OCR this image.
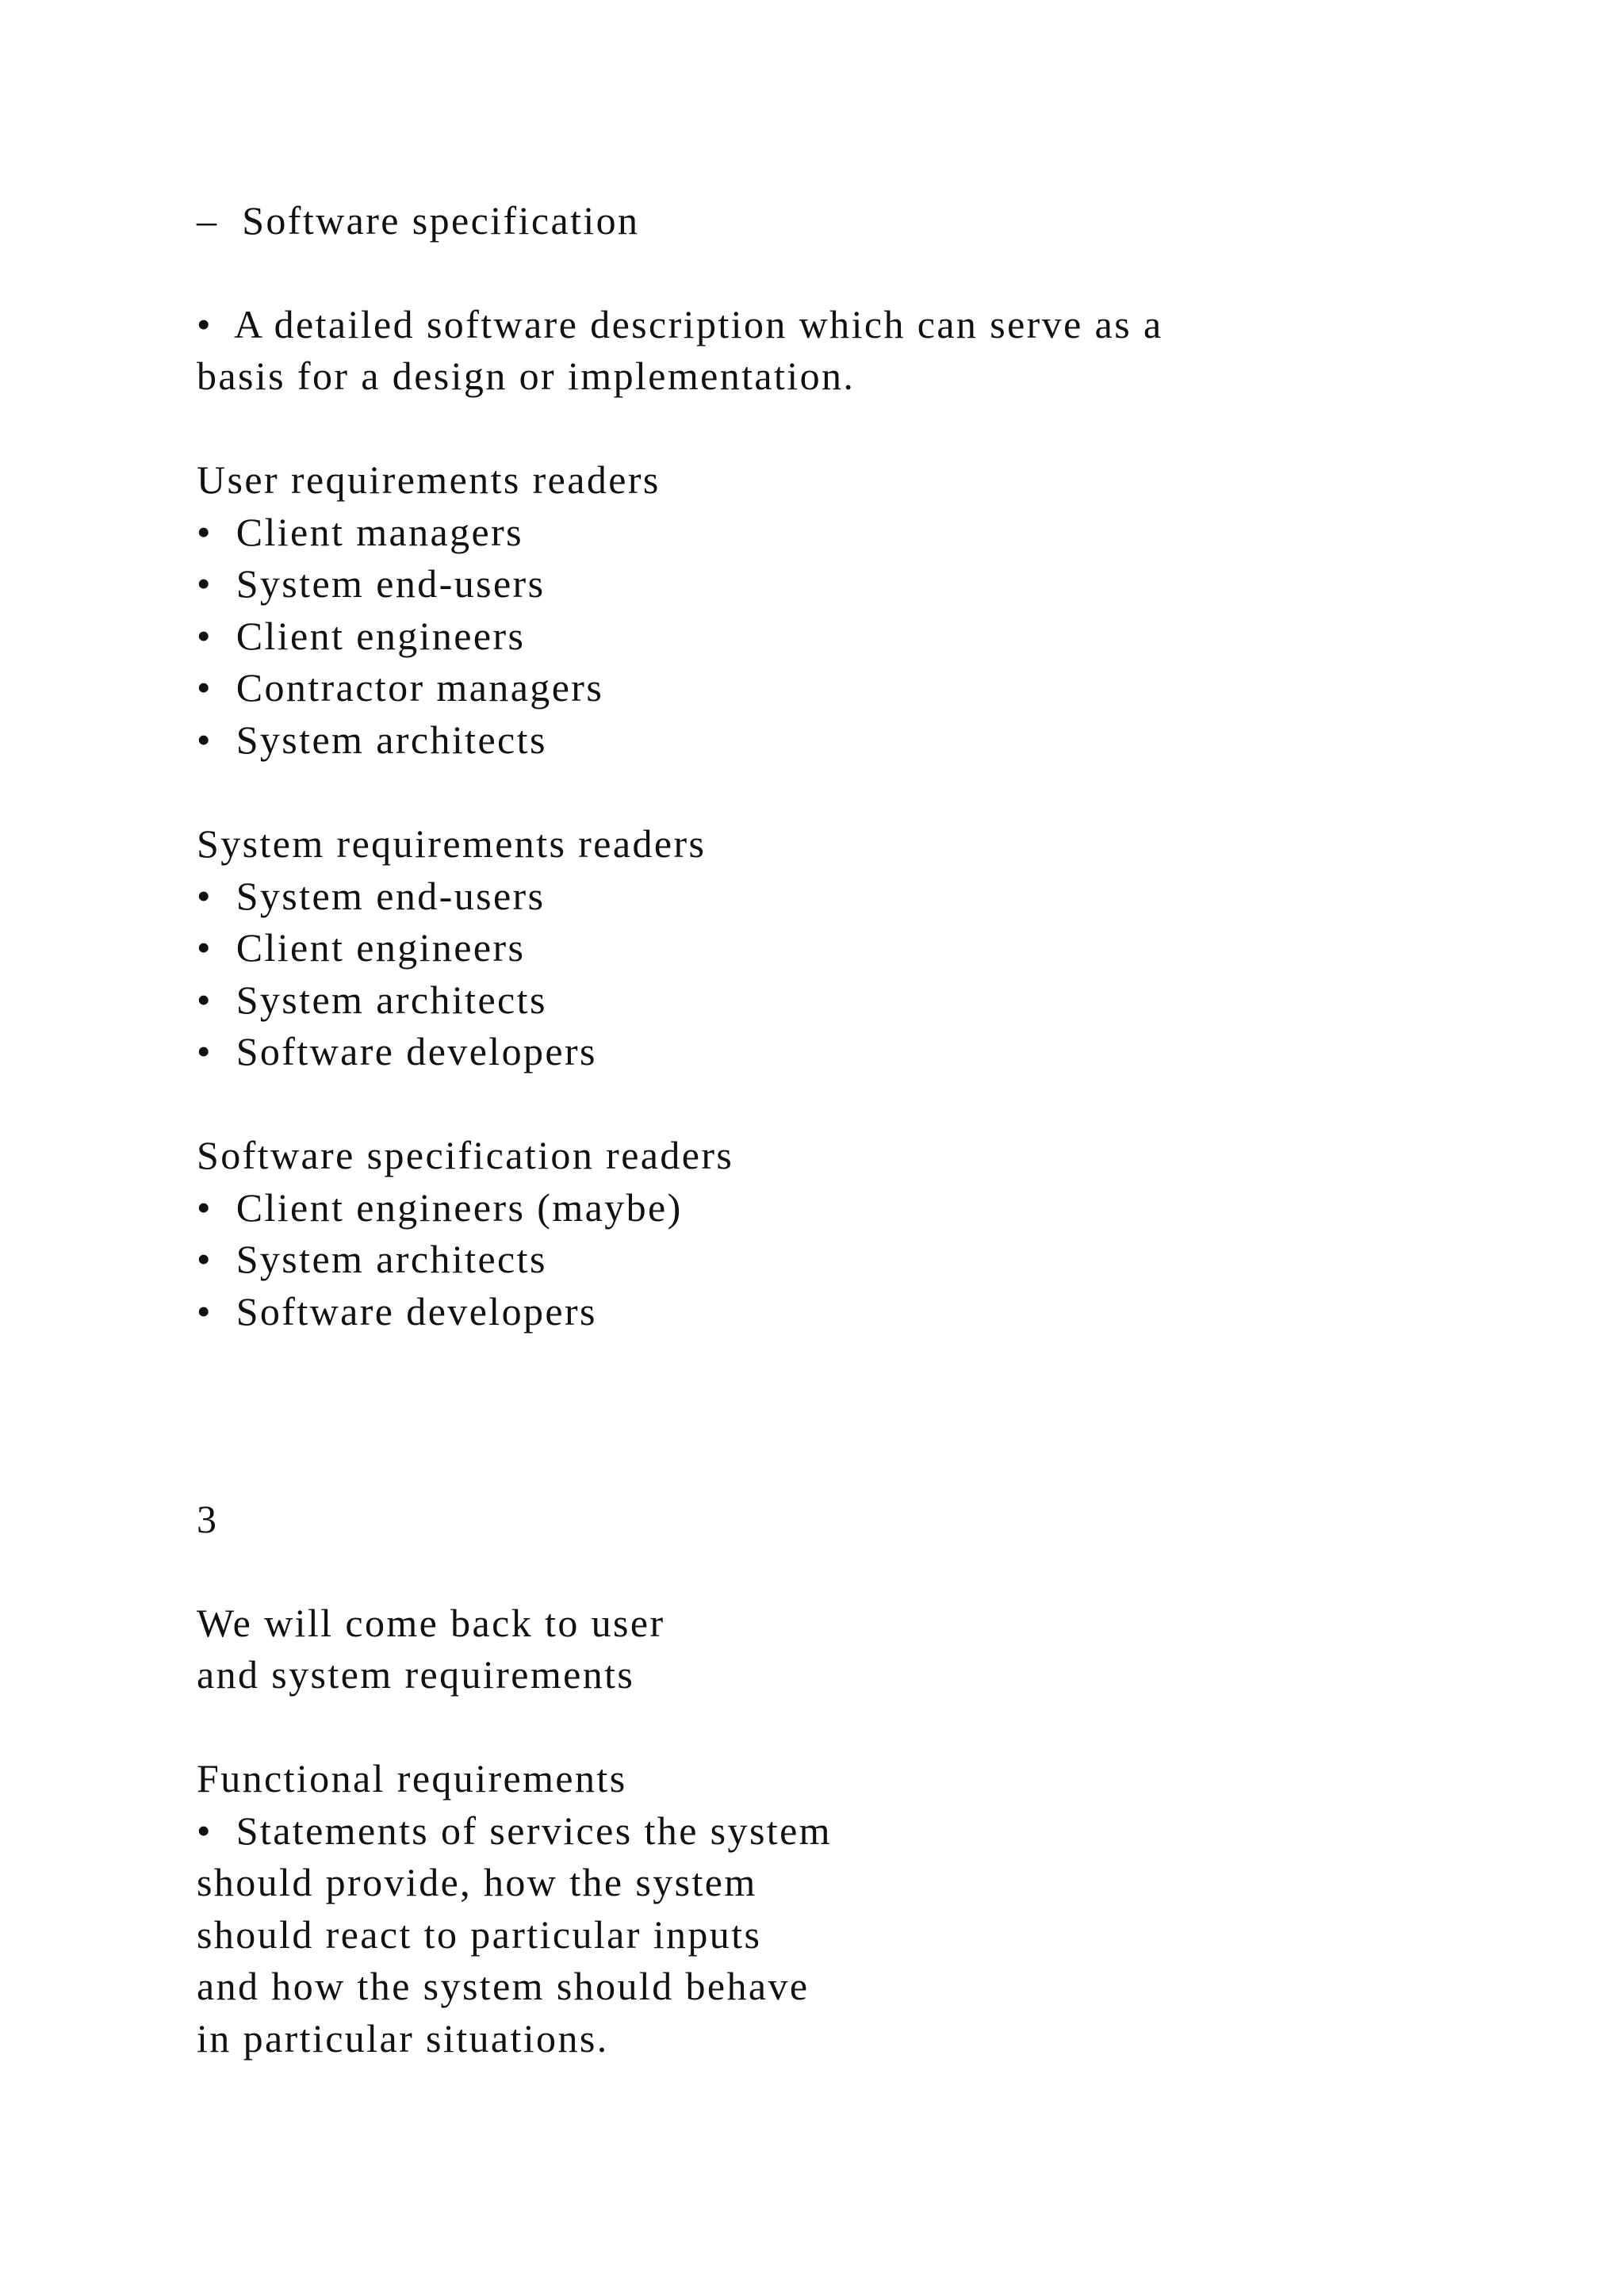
–  Software specification
•  A detailed software description which can serve as a
basis for a design or implementation.
User requirements readers
•  Client managers
•  System end-users
•  Client engineers
•  Contractor managers
•  System architects
System requirements readers
•  System end-users
•  Client engineers
•  System architects
•  Software developers
Software specification readers
•  Client engineers (maybe)
•  System architects
•  Software developers
3
We will come back to user
and system requirements
Functional requirements
•  Statements of services the system
should provide, how the system
should react to particular inputs
and how the system should behave
in particular situations.
